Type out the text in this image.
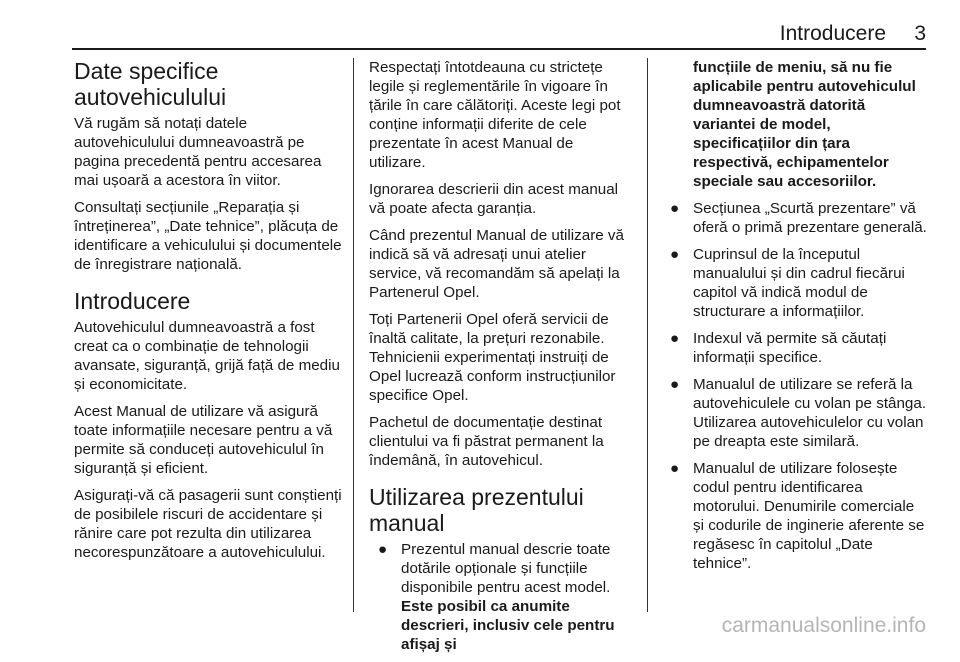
Introducere 3
Date specifice autovehiculului

Vă rugăm să notați datele autovehiculului dumneavoastră pe pagina precedentă pentru accesarea mai ușoară a acestora în viitor.

Consultați secțiunile „Reparația și întreținerea”, „Date tehnice”, plăcuța de identificare a vehiculului și documentele de înregistrare națională.

Introducere

Autovehiculul dumneavoastră a fost creat ca o combinație de tehnologii avansate, siguranță, grijă față de mediu și economicitate.

Acest Manual de utilizare vă asigură toate informațiile necesare pentru a vă permite să conduceți autovehiculul în siguranță și eficient.

Asigurați-vă că pasagerii sunt conștienți de posibilele riscuri de accidentare și rănire care pot rezulta din utilizarea necorespunzătoare a autovehiculului.

Respectați întotdeauna cu strictețe legile și reglementările în vigoare în țările în care călătoriți. Aceste legi pot conține informații diferite de cele prezentate în acest Manual de utilizare.

Ignorarea descrierii din acest manual vă poate afecta garanția.

Când prezentul Manual de utilizare vă indică să vă adresați unui atelier service, vă recomandăm să apelați la Partenerul Opel.

Toți Partenerii Opel oferă servicii de înaltă calitate, la prețuri rezonabile. Tehnicienii experimentați instruiți de Opel lucrează conform instrucțiunilor specifice Opel.

Pachetul de documentație destinat clientului va fi păstrat permanent la îndemână, în autovehicul.

Utilizarea prezentului manual
● Prezentul manual descrie toate dotările opționale și funcțiile disponibile pentru acest model. Este posibil ca anumite descrieri, inclusiv cele pentru afișaj și
funcțiile de meniu, să nu fie aplicabile pentru autovehiculul dumneavoastră datorită variantei de model, specificațiilor din țara respectivă, echipamentelor speciale sau accesoriilor.
● Secțiunea „Scurtă prezentare” vă oferă o primă prezentare generală.
● Cuprinsul de la începutul manualului și din cadrul fiecărui capitol vă indică modul de structurare a informațiilor.
● Indexul vă permite să căutați informații specifice.
● Manualul de utilizare se referă la autovehiculele cu volan pe stânga. Utilizarea autovehiculelor cu volan pe dreapta este similară.
● Manualul de utilizare folosește codul pentru identificarea motorului. Denumirile comerciale și codurile de inginerie aferente se regăsesc în capitolul „Date tehnice”.
carmanualsonline.info
